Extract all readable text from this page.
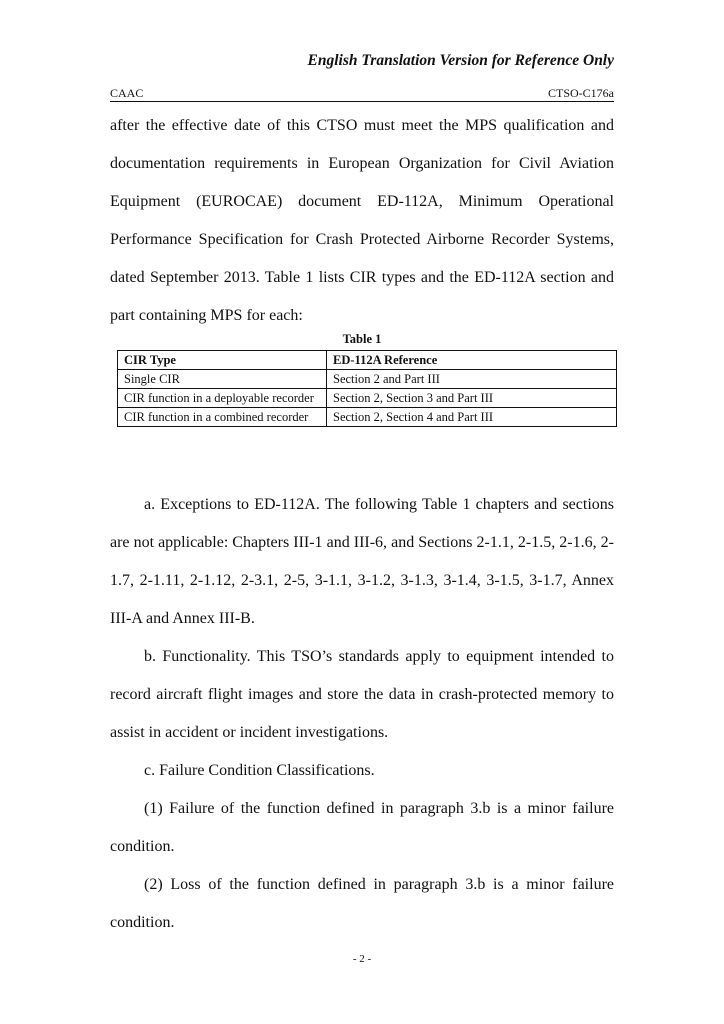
English Translation Version for Reference Only
CAAC	CTSO-C176a

after the effective date of this CTSO must meet the MPS qualification and documentation requirements in European Organization for Civil Aviation Equipment (EUROCAE) document ED-112A, Minimum Operational Performance Specification for Crash Protected Airborne Recorder Systems, dated September 2013. Table 1 lists CIR types and the ED-112A section and part containing MPS for each:

Table 1
CIR Type	ED-112A Reference
Single CIR	Section 2 and Part III
CIR function in a deployable recorder	Section 2, Section 3 and Part III
CIR function in a combined recorder	Section 2, Section 4 and Part III

a. Exceptions to ED-112A. The following Table 1 chapters and sections are not applicable: Chapters III-1 and III-6, and Sections 2-1.1, 2-1.5, 2-1.6, 2-1.7, 2-1.11, 2-1.12, 2-3.1, 2-5, 3-1.1, 3-1.2, 3-1.3, 3-1.4, 3-1.5, 3-1.7, Annex III-A and Annex III-B.

b. Functionality. This TSO’s standards apply to equipment intended to record aircraft flight images and store the data in crash-protected memory to assist in accident or incident investigations.

c. Failure Condition Classifications.

(1) Failure of the function defined in paragraph 3.b is a minor failure condition.

(2) Loss of the function defined in paragraph 3.b is a minor failure condition.

- 2 -
